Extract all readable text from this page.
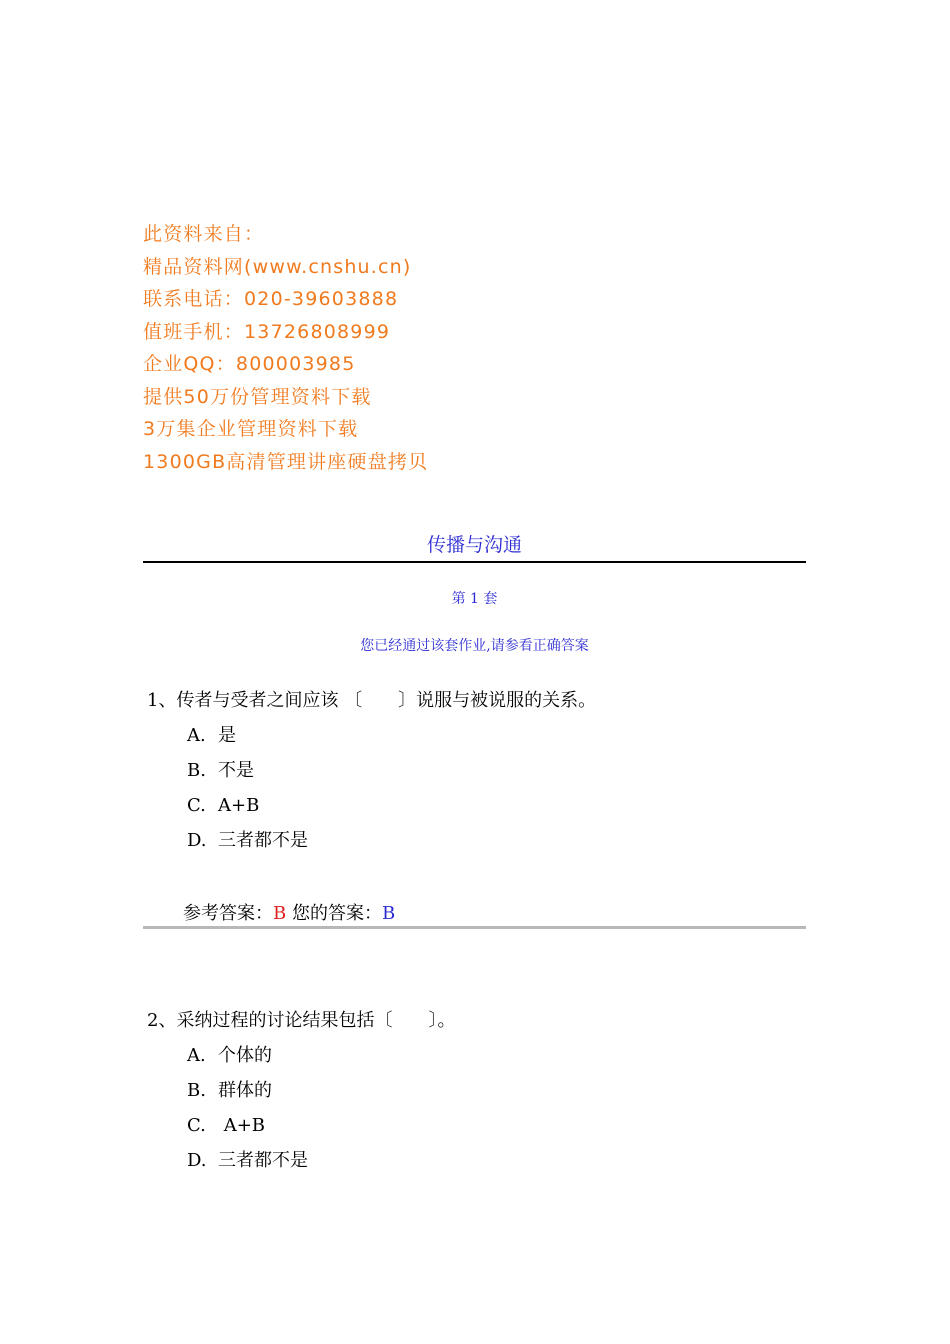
此资料来自：
精品资料网(www.cnshu.cn)
联系电话：020-39603888
值班手机：13726808999
企业QQ：800003985
提供50万份管理资料下载
3万集企业管理资料下载
1300GB高清管理讲座硬盘拷贝
传播与沟通
第 1 套
您已经通过该套作业,请参看正确答案
1、传者与受者之间应该 〔　　〕说服与被说服的关系。
A. 是
B. 不是
C. A+B
D. 三者都不是
参考答案：B 您的答案：B
2、采纳过程的讨论结果包括〔　　〕。
A. 个体的
B. 群体的
C. A+B
D. 三者都不是
